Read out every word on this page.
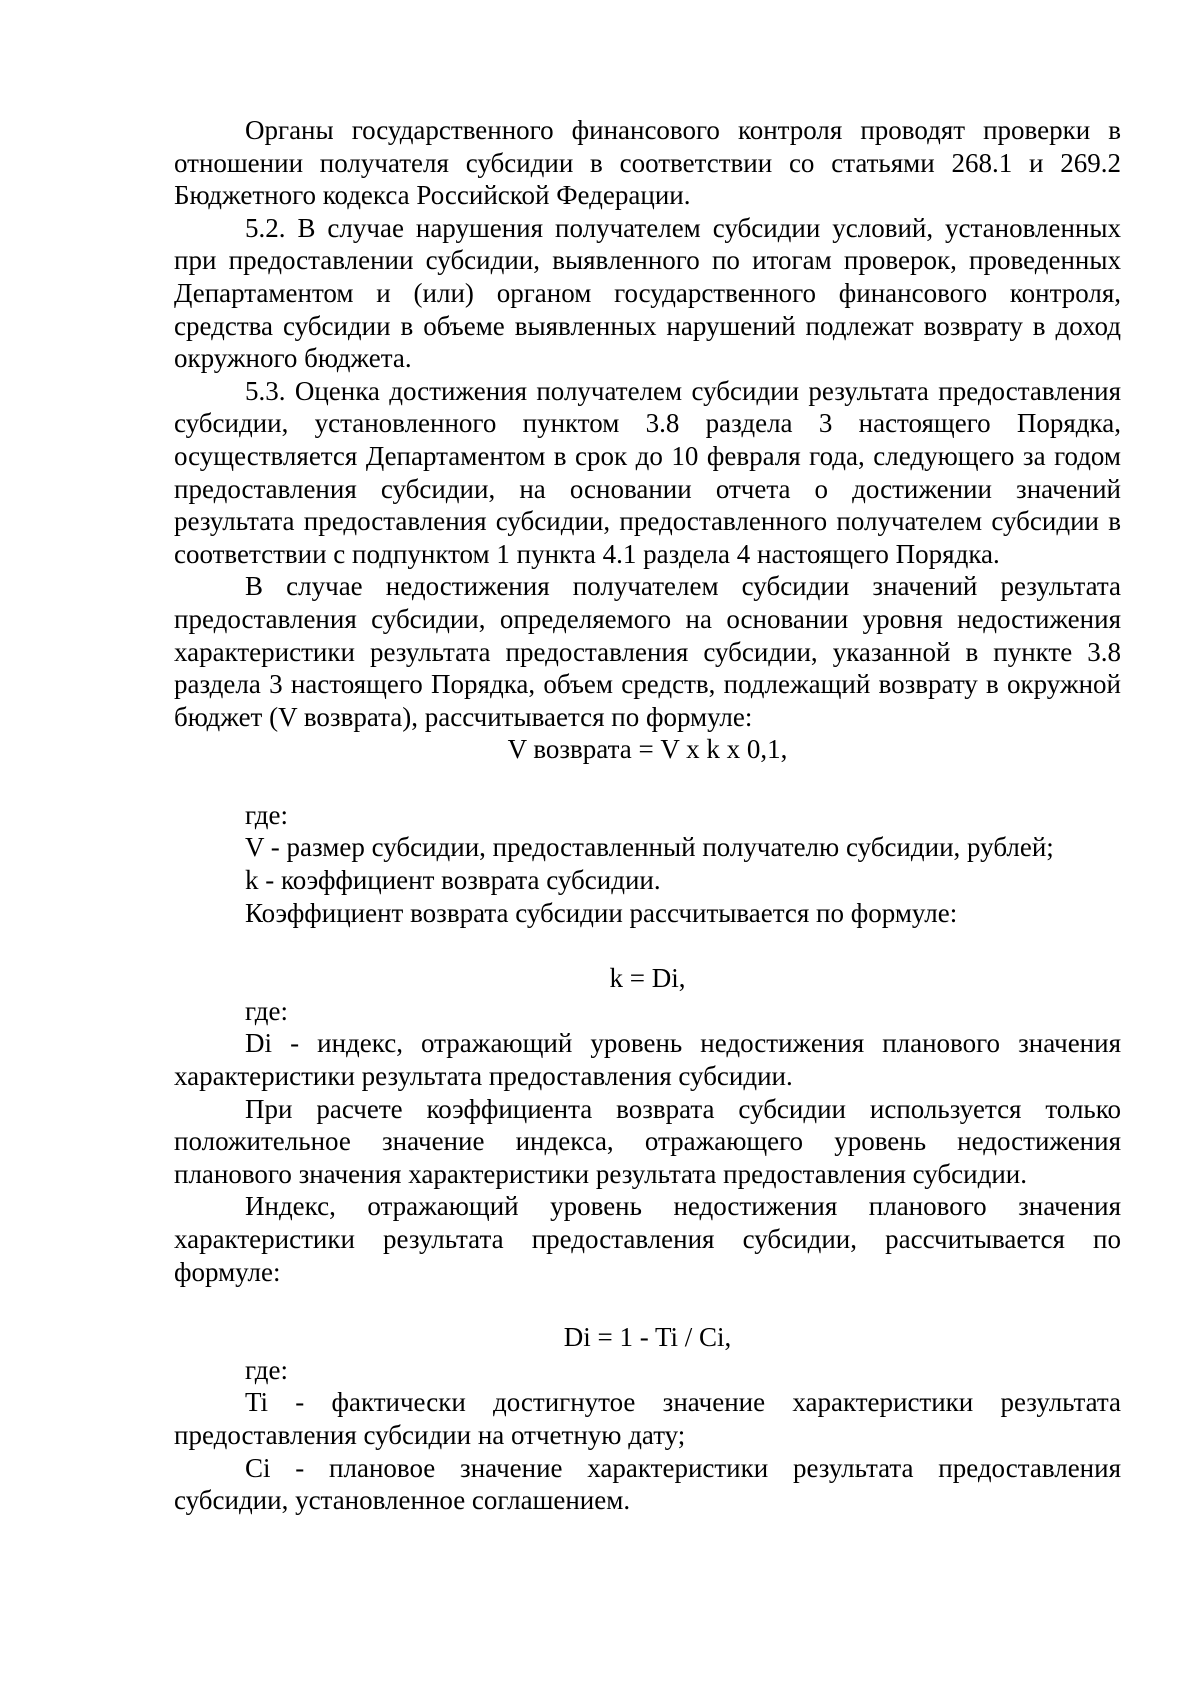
Органы государственного финансового контроля проводят проверки в отношении получателя субсидии в соответствии со статьями 268.1 и 269.2 Бюджетного кодекса Российской Федерации.

5.2. В случае нарушения получателем субсидии условий, установленных при предоставлении субсидии, выявленного по итогам проверок, проведенных Департаментом и (или) органом государственного финансового контроля, средства субсидии в объеме выявленных нарушений подлежат возврату в доход окружного бюджета.

5.3. Оценка достижения получателем субсидии результата предоставления субсидии, установленного пунктом 3.8 раздела 3 настоящего Порядка, осуществляется Департаментом в срок до 10 февраля года, следующего за годом предоставления субсидии, на основании отчета о достижении значений результата предоставления субсидии, предоставленного получателем субсидии в соответствии с подпунктом 1 пункта 4.1 раздела 4 настоящего Порядка.

В случае недостижения получателем субсидии значений результата предоставления субсидии, определяемого на основании уровня недостижения характеристики результата предоставления субсидии, указанной в пункте 3.8 раздела 3 настоящего Порядка, объем средств, подлежащий возврату в окружной бюджет (V возврата), рассчитывается по формуле:

V возврата = V x k x 0,1,

где:

V - размер субсидии, предоставленный получателю субсидии, рублей;

k - коэффициент возврата субсидии.

Коэффициент возврата субсидии рассчитывается по формуле:

k = Di,

где:

Di - индекс, отражающий уровень недостижения планового значения характеристики результата предоставления субсидии.

При расчете коэффициента возврата субсидии используется только положительное значение индекса, отражающего уровень недостижения планового значения характеристики результата предоставления субсидии.

Индекс, отражающий уровень недостижения планового значения характеристики результата предоставления субсидии, рассчитывается по формуле:

Di = 1 - Ti / Ci,

где:

Ti - фактически достигнутое значение характеристики результата предоставления субсидии на отчетную дату;

Ci - плановое значение характеристики результата предоставления субсидии, установленное соглашением.
